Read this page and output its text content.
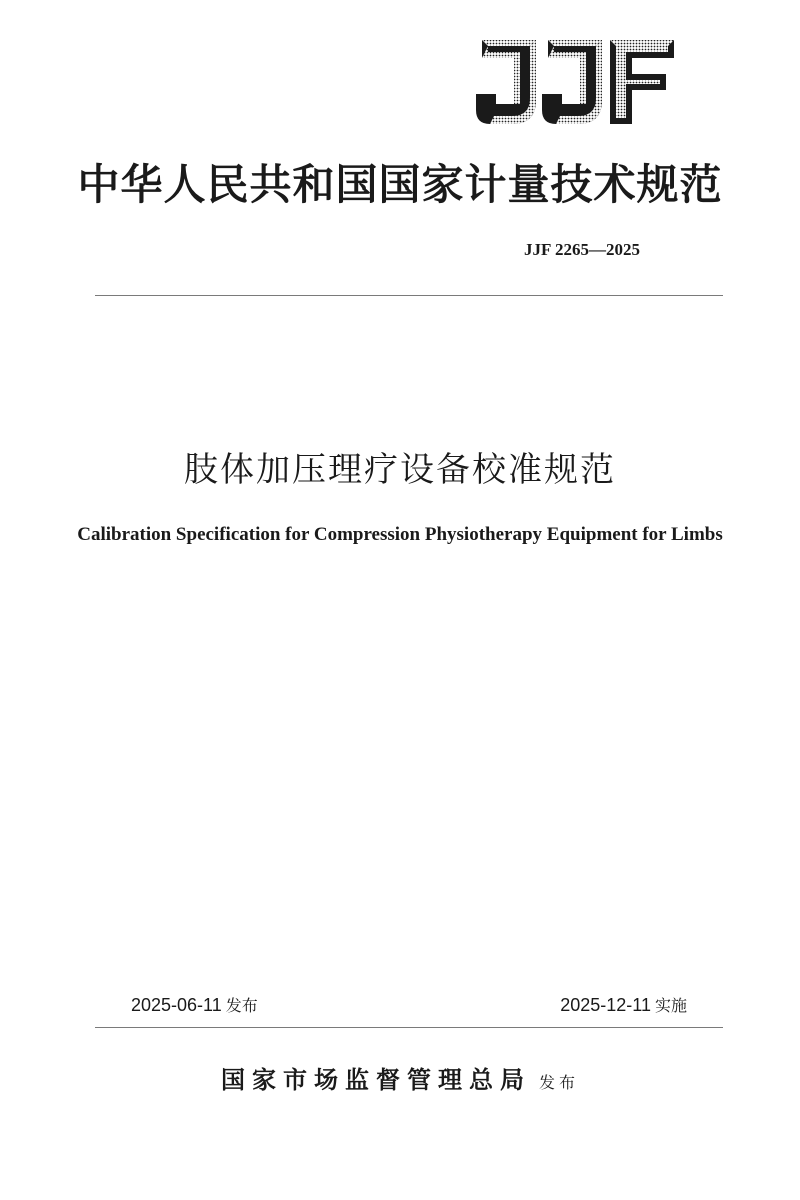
中华人民共和国国家计量技术规范
JJF 2265—2025
肢体加压理疗设备校准规范
Calibration Specification for Compression Physiotherapy Equipment for Limbs
2025-06-11 发布	2025-12-11 实施
国家市场监督管理总局 发布
